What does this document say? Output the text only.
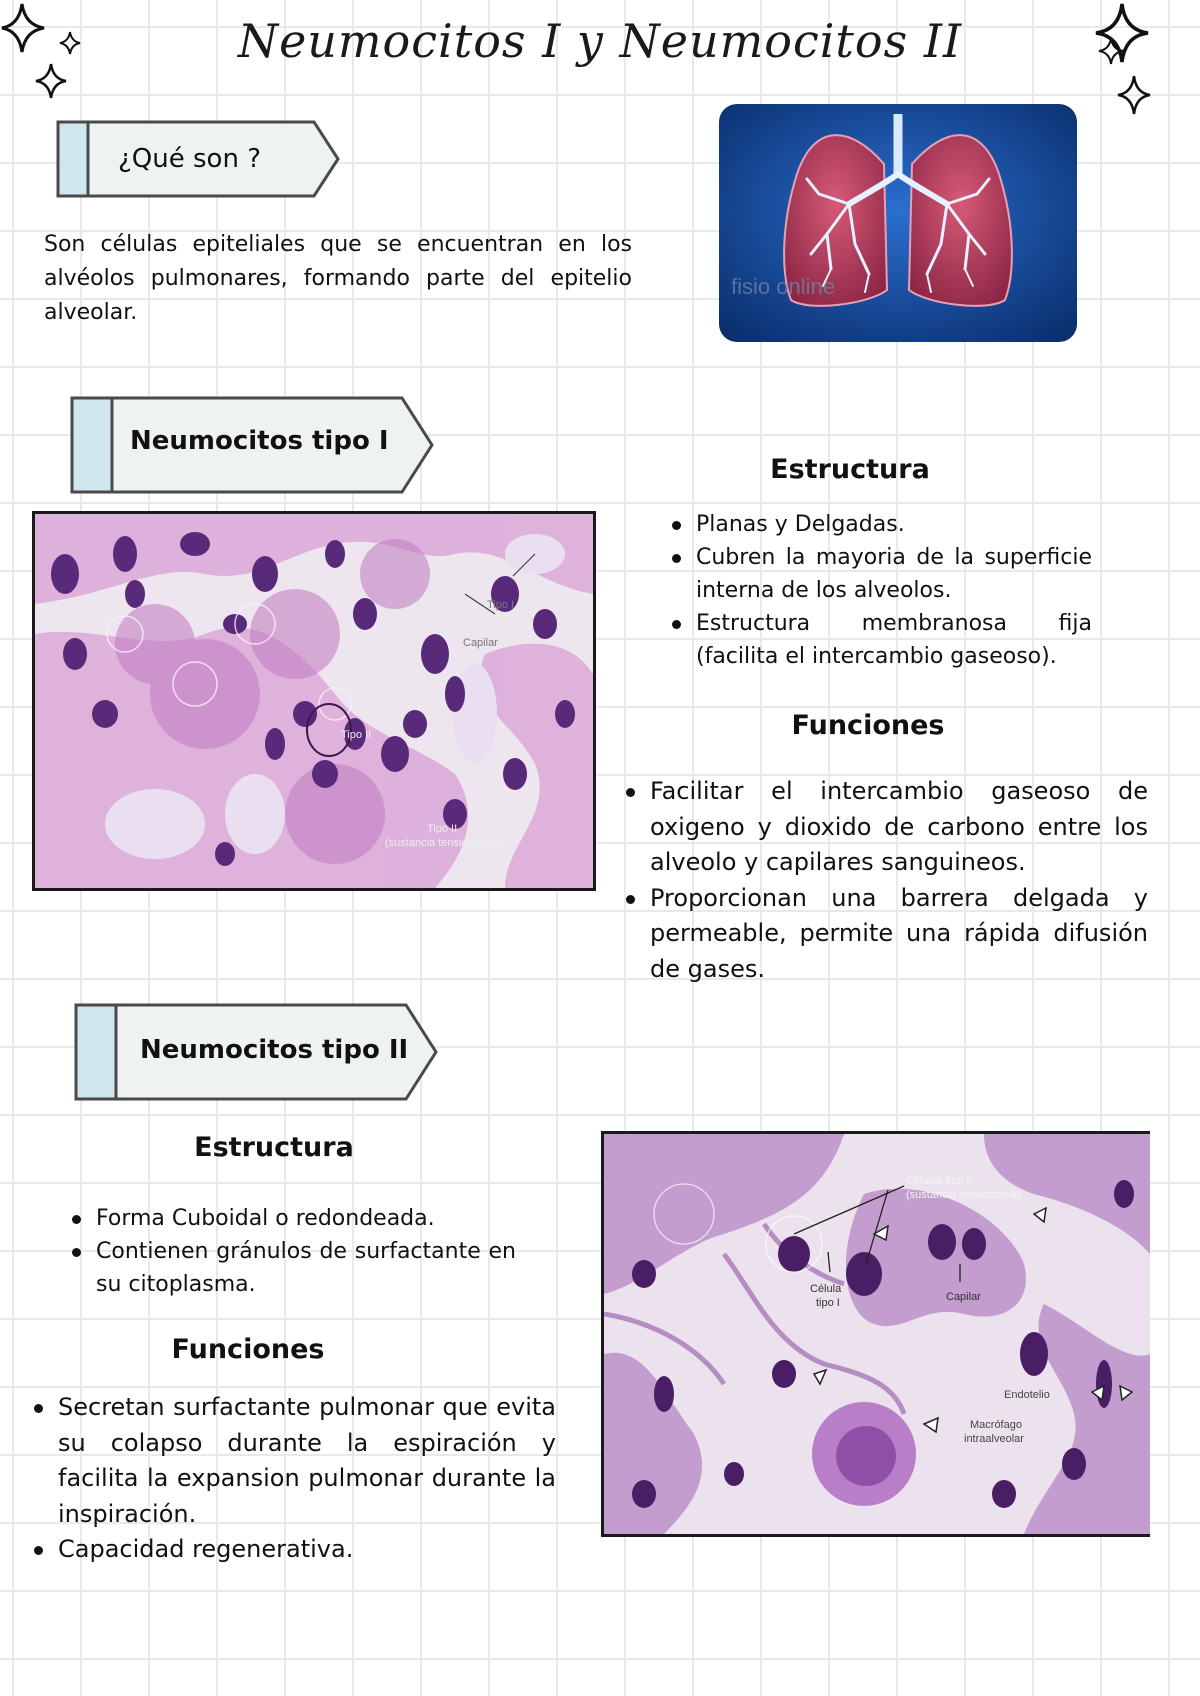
Neumocitos I y Neumocitos II
¿Qué son ?
Son células epiteliales que se encuentran en los alvéolos pulmonares, formando parte del epitelio alveolar.
fisio online
Neumocitos tipo I
Tipo I
Capilar
Tipo II
Tipo II
(sustancia tensioactiva)
Estructura
Planas y Delgadas.
Cubren la mayoria de la superficie interna de los alveolos.
Estructura membranosa fija (facilita el intercambio gaseoso).
Funciones
Facilitar el intercambio gaseoso de oxigeno y dioxido de carbono entre los alveolo y capilares sanguineos.
Proporcionan una barrera delgada y permeable, permite una rápida difusión de gases.
Neumocitos tipo II
Estructura
Forma Cuboidal o redondeada.
Contienen gránulos de surfactante en su citoplasma.
Funciones
Secretan surfactante pulmonar que evita su colapso durante la espiración y facilita la expansion pulmonar durante la inspiración.
Capacidad regenerativa.
Células tipo II
(sustancia tensioactiva)
Célula
tipo I	Capilar
Endotelio
Macrófago
intraalveolar
